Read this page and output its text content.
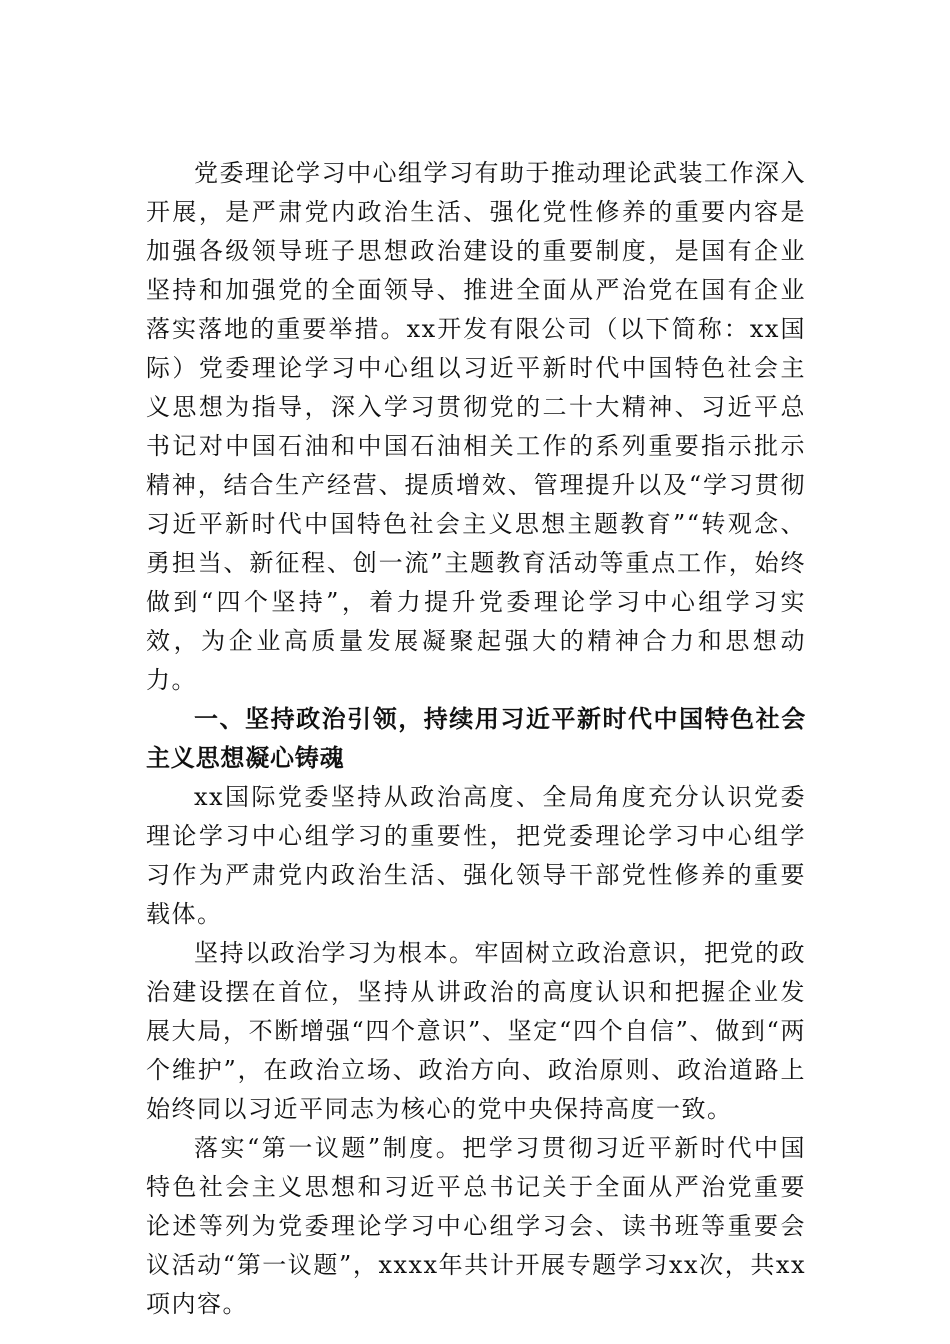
党委理论学习中心组学习有助于推动理论武装工作深入开展，是严肃党内政治生活、强化党性修养的重要内容是加强各级领导班子思想政治建设的重要制度，是国有企业坚持和加强党的全面领导、推进全面从严治党在国有企业落实落地的重要举措。xx开发有限公司（以下简称：xx国际）党委理论学习中心组以习近平新时代中国特色社会主义思想为指导，深入学习贯彻党的二十大精神、习近平总书记对中国石油和中国石油相关工作的系列重要指示批示精神，结合生产经营、提质增效、管理提升以及“学习贯彻习近平新时代中国特色社会主义思想主题教育”“转观念、勇担当、新征程、创一流”主题教育活动等重点工作，始终做到“四个坚持”，着力提升党委理论学习中心组学习实效，为企业高质量发展凝聚起强大的精神合力和思想动力。

一、坚持政治引领，持续用习近平新时代中国特色社会主义思想凝心铸魂

xx国际党委坚持从政治高度、全局角度充分认识党委理论学习中心组学习的重要性，把党委理论学习中心组学习作为严肃党内政治生活、强化领导干部党性修养的重要载体。

坚持以政治学习为根本。牢固树立政治意识，把党的政治建设摆在首位，坚持从讲政治的高度认识和把握企业发展大局，不断增强“四个意识”、坚定“四个自信”、做到“两个维护”，在政治立场、政治方向、政治原则、政治道路上始终同以习近平同志为核心的党中央保持高度一致。

落实“第一议题”制度。把学习贯彻习近平新时代中国特色社会主义思想和习近平总书记关于全面从严治党重要论述等列为党委理论学习中心组学习会、读书班等重要会议活动“第一议题”，xxxx年共计开展专题学习xx次，共xx项内容。
